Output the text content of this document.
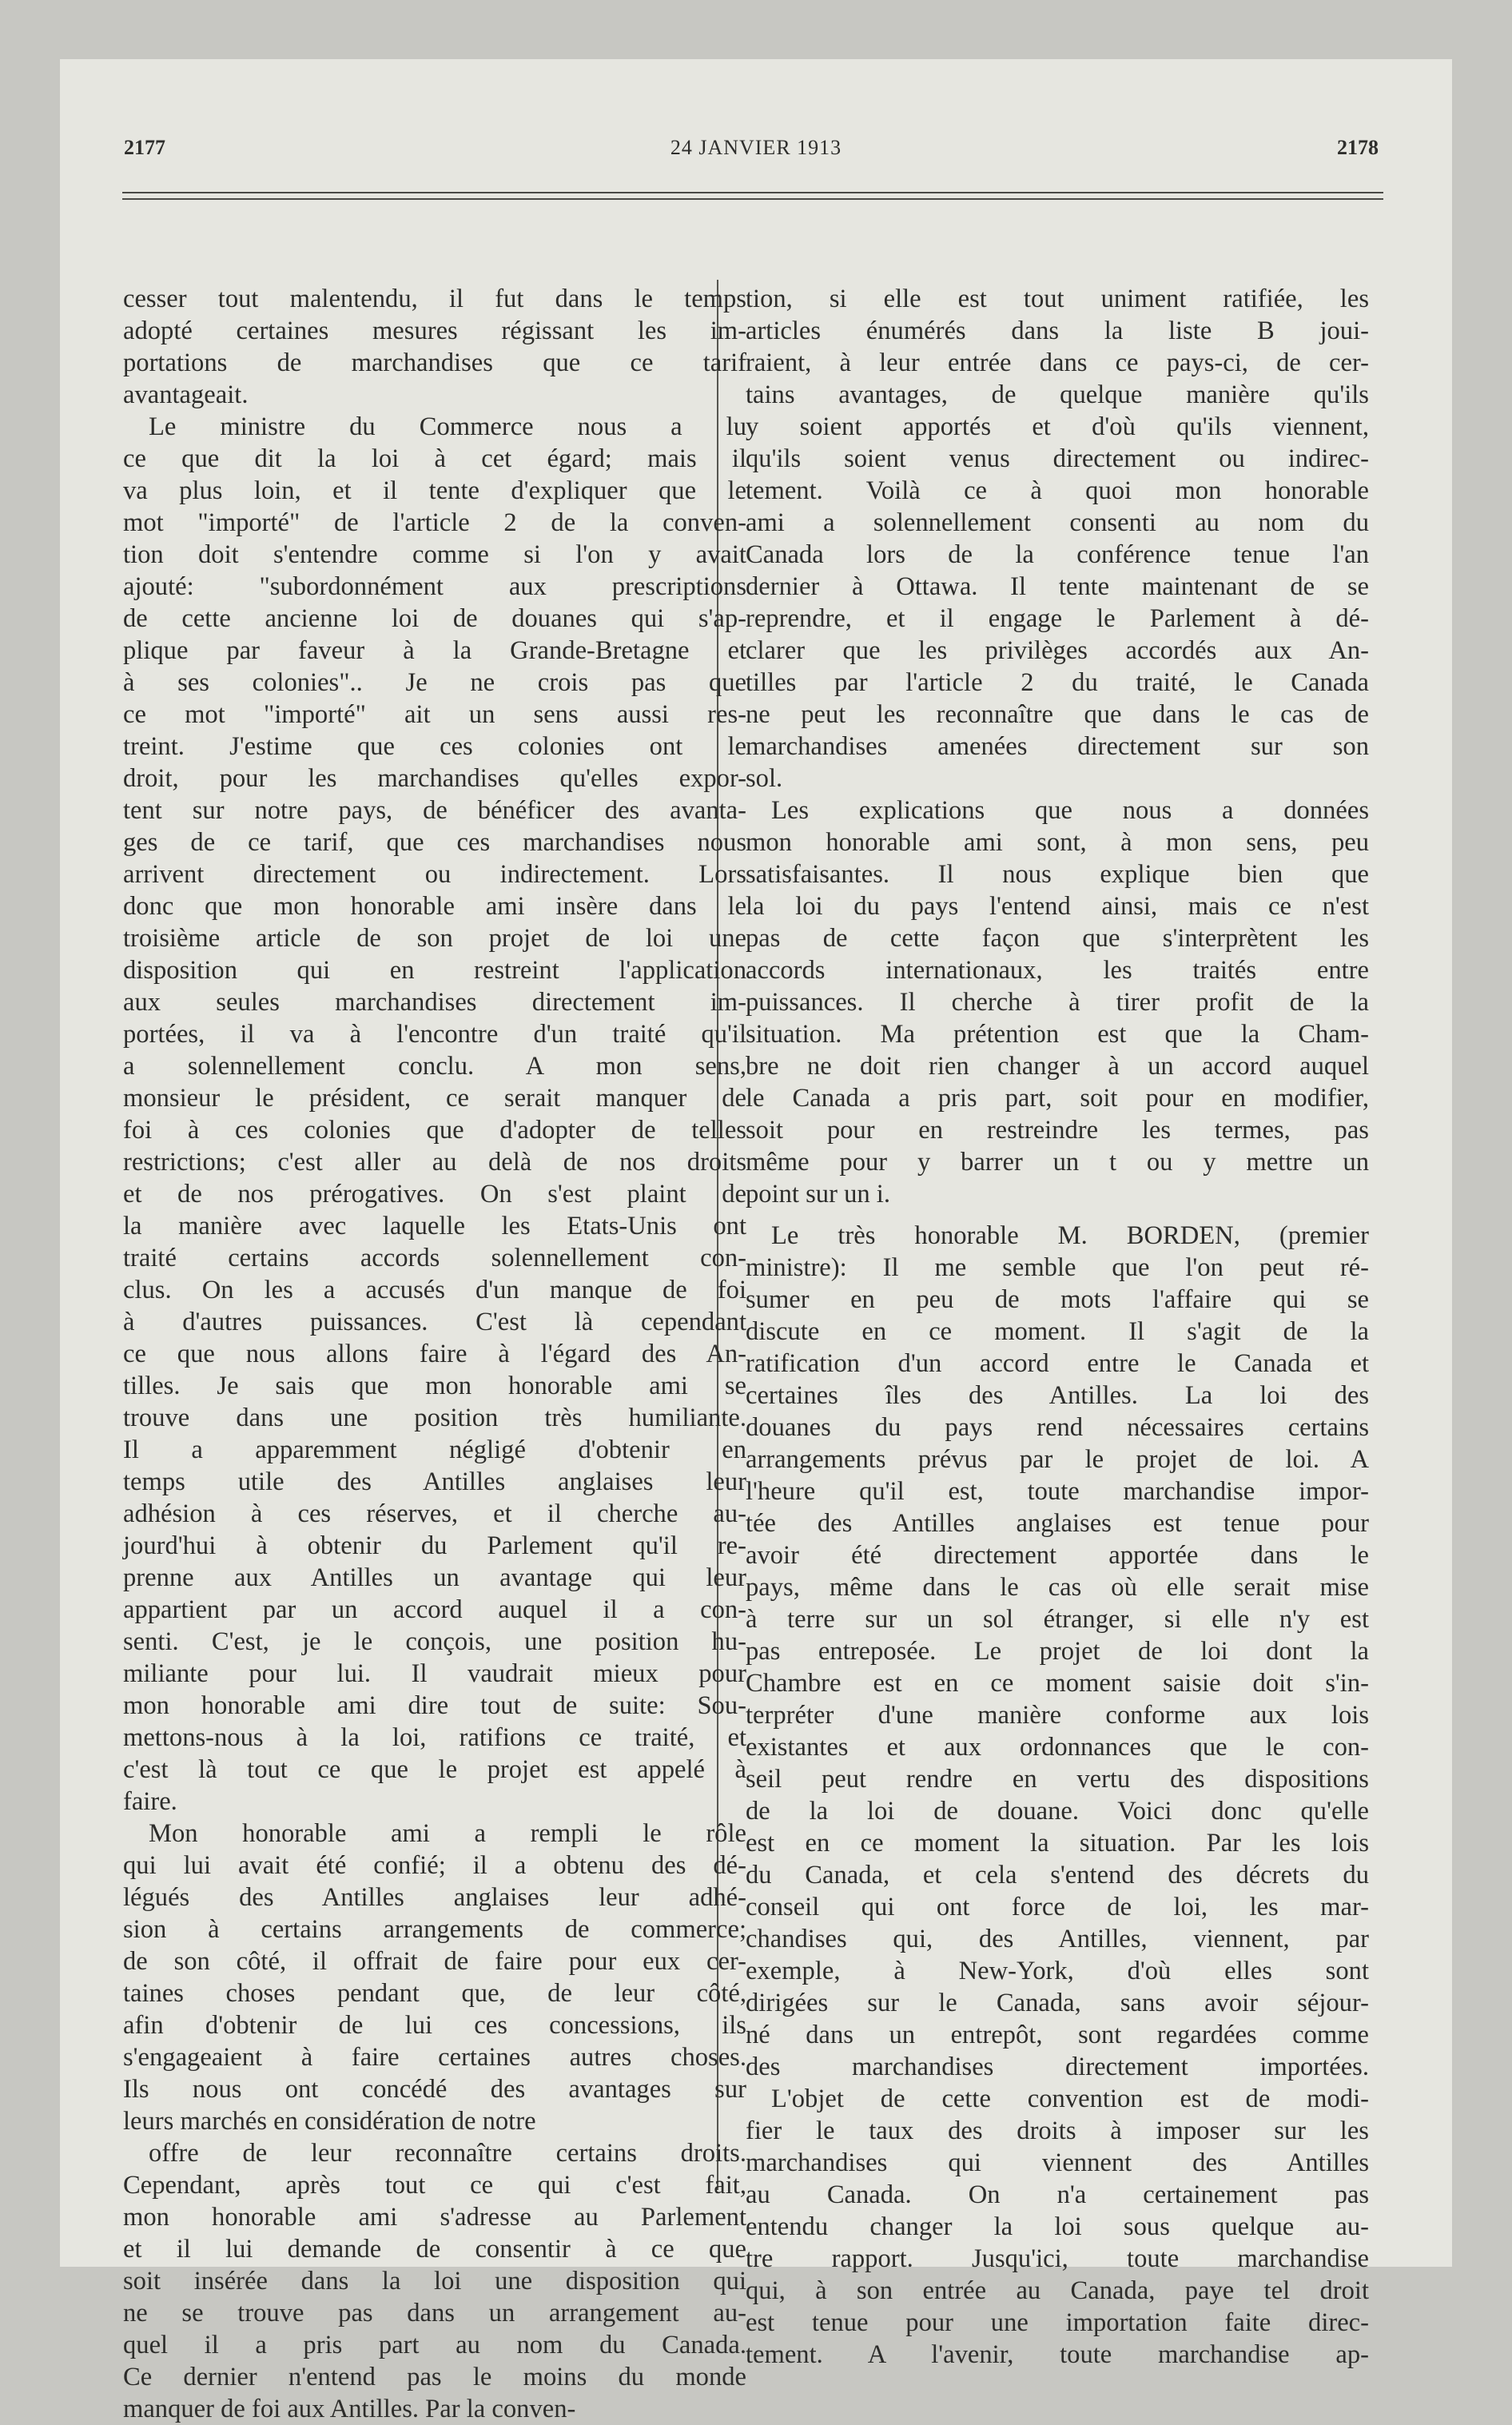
2177	24 JANVIER 1913	2178
cesser tout malentendu, il fut dans le temps
adopté certaines mesures régissant les im-
portations de marchandises que ce tarif
avantageait.
Le ministre du Commerce nous a lu
ce que dit la loi à cet égard; mais il
va plus loin, et il tente d'expliquer que le
mot "importé" de l'article 2 de la conven-
tion doit s'entendre comme si l'on y avait
ajouté: "subordonnément aux prescriptions
de cette ancienne loi de douanes qui s'ap-
plique par faveur à la Grande-Bretagne et
à ses colonies".. Je ne crois pas que
ce mot "importé" ait un sens aussi res-
treint. J'estime que ces colonies ont le
droit, pour les marchandises qu'elles expor-
tent sur notre pays, de bénéficer des avanta-
ges de ce tarif, que ces marchandises nous
arrivent directement ou indirectement. Lors
donc que mon honorable ami insère dans le
troisième article de son projet de loi une
disposition qui en restreint l'application
aux seules marchandises directement im-
portées, il va à l'encontre d'un traité qu'il
a solennellement conclu. A mon sens,
monsieur le président, ce serait manquer de
foi à ces colonies que d'adopter de telles
restrictions; c'est aller au delà de nos droits
et de nos prérogatives. On s'est plaint de
la manière avec laquelle les Etats-Unis ont
traité certains accords solennellement con-
clus. On les a accusés d'un manque de foi
à d'autres puissances. C'est là cependant
ce que nous allons faire à l'égard des An-
tilles. Je sais que mon honorable ami se
trouve dans une position très humiliante.
Il a apparemment négligé d'obtenir en
temps utile des Antilles anglaises leur
adhésion à ces réserves, et il cherche au-
jourd'hui à obtenir du Parlement qu'il re-
prenne aux Antilles un avantage qui leur
appartient par un accord auquel il a con-
senti. C'est, je le conçois, une position hu-
miliante pour lui. Il vaudrait mieux pour
mon honorable ami dire tout de suite: Sou-
mettons-nous à la loi, ratifions ce traité, et
c'est là tout ce que le projet est appelé à
faire.
Mon honorable ami a rempli le rôle
qui lui avait été confié; il a obtenu des dé-
légués des Antilles anglaises leur adhé-
sion à certains arrangements de commerce;
de son côté, il offrait de faire pour eux cer-
taines choses pendant que, de leur côté,
afin d'obtenir de lui ces concessions, ils
s'engageaient à faire certaines autres choses.
Ils nous ont concédé des avantages sur
leurs marchés en considération de notre
offre de leur reconnaître certains droits.
Cependant, après tout ce qui c'est fait,
mon honorable ami s'adresse au Parlement
et il lui demande de consentir à ce que
soit insérée dans la loi une disposition qui
ne se trouve pas dans un arrangement au-
quel il a pris part au nom du Canada.
Ce dernier n'entend pas le moins du monde
manquer de foi aux Antilles. Par la conven-
tion, si elle est tout uniment ratifiée, les
articles énumérés dans la liste B joui-
raient, à leur entrée dans ce pays-ci, de cer-
tains avantages, de quelque manière qu'ils
y soient apportés et d'où qu'ils viennent,
qu'ils soient venus directement ou indirec-
tement. Voilà ce à quoi mon honorable
ami a solennellement consenti au nom du
Canada lors de la conférence tenue l'an
dernier à Ottawa. Il tente maintenant de se
reprendre, et il engage le Parlement à dé-
clarer que les privilèges accordés aux An-
tilles par l'article 2 du traité, le Canada
ne peut les reconnaître que dans le cas de
marchandises amenées directement sur son
sol.
Les explications que nous a données
mon honorable ami sont, à mon sens, peu
satisfaisantes. Il nous explique bien que
la loi du pays l'entend ainsi, mais ce n'est
pas de cette façon que s'interprètent les
accords internationaux, les traités entre
puissances. Il cherche à tirer profit de la
situation. Ma prétention est que la Cham-
bre ne doit rien changer à un accord auquel
le Canada a pris part, soit pour en modifier,
soit pour en restreindre les termes, pas
même pour y barrer un t ou y mettre un
point sur un i.
Le très honorable M. BORDEN, (premier
ministre): Il me semble que l'on peut ré-
sumer en peu de mots l'affaire qui se
discute en ce moment. Il s'agit de la
ratification d'un accord entre le Canada et
certaines îles des Antilles. La loi des
douanes du pays rend nécessaires certains
arrangements prévus par le projet de loi. A
l'heure qu'il est, toute marchandise impor-
tée des Antilles anglaises est tenue pour
avoir été directement apportée dans le
pays, même dans le cas où elle serait mise
à terre sur un sol étranger, si elle n'y est
pas entreposée. Le projet de loi dont la
Chambre est en ce moment saisie doit s'in-
terpréter d'une manière conforme aux lois
existantes et aux ordonnances que le con-
seil peut rendre en vertu des dispositions
de la loi de douane. Voici donc qu'elle
est en ce moment la situation. Par les lois
du Canada, et cela s'entend des décrets du
conseil qui ont force de loi, les mar-
chandises qui, des Antilles, viennent, par
exemple, à New-York, d'où elles sont
dirigées sur le Canada, sans avoir séjour-
né dans un entrepôt, sont regardées comme
des marchandises directement importées.
L'objet de cette convention est de modi-
fier le taux des droits à imposer sur les
marchandises qui viennent des Antilles
au Canada. On n'a certainement pas
entendu changer la loi sous quelque au-
tre rapport. Jusqu'ici, toute marchandise
qui, à son entrée au Canada, paye tel droit
est tenue pour une importation faite direc-
tement. A l'avenir, toute marchandise ap-
